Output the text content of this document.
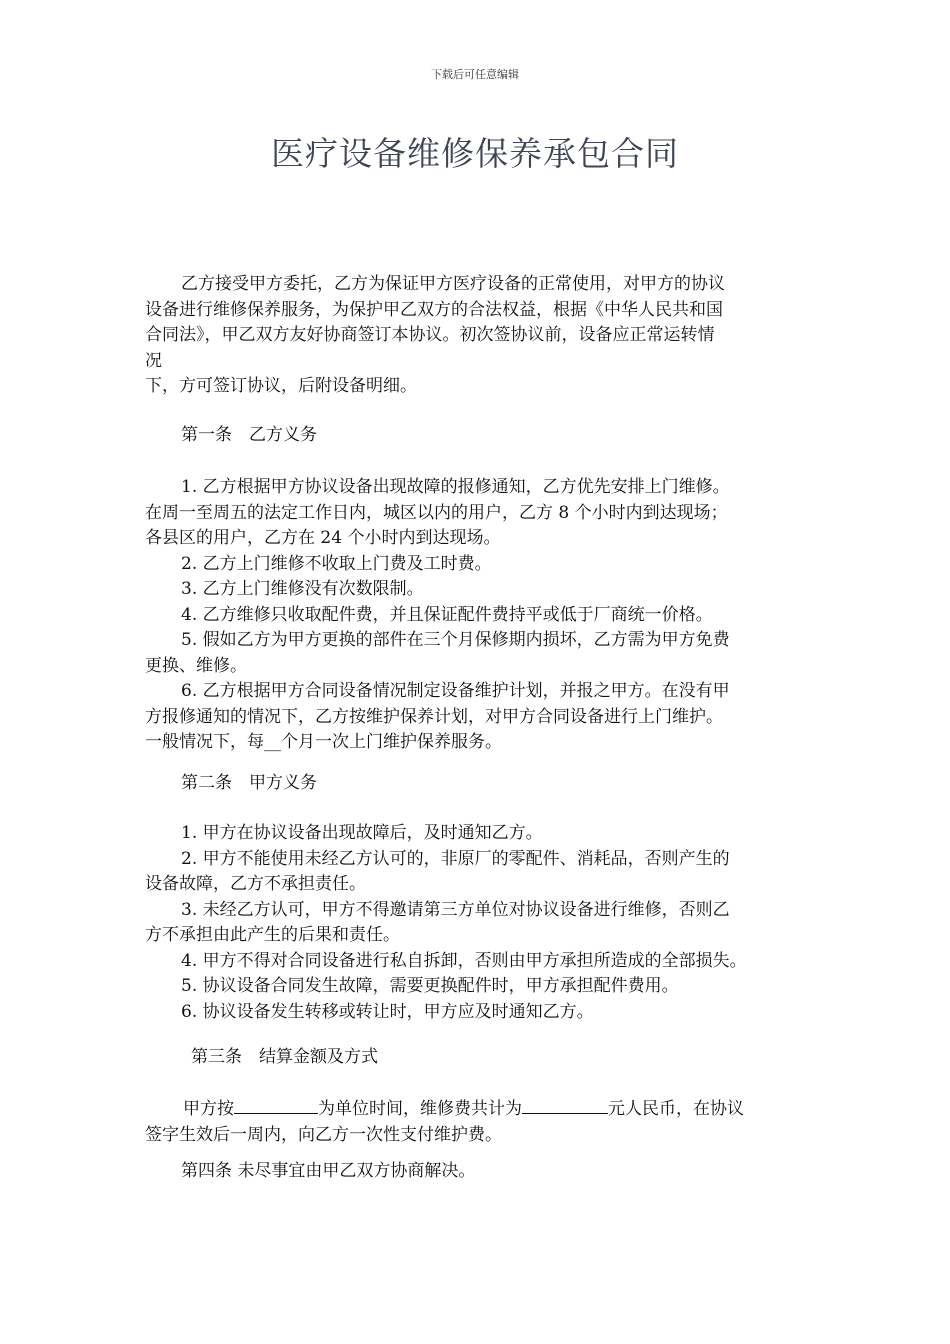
下载后可任意编辑
医疗设备维修保养承包合同

乙方接受甲方委托，乙方为保证甲方医疗设备的正常使用，对甲方的协议

设备进行维修保养服务，为保护甲乙双方的合法权益，根据《中华人民共和国

合同法》，甲乙双方友好协商签订本协议。初次签协议前，设备应正常运转情

况

下，方可签订协议，后附设备明细。

第一条　乙方义务

1. 乙方根据甲方协议设备出现故障的报修通知，乙方优先安排上门维修。

在周一至周五的法定工作日内，城区以内的用户，乙方 8 个小时内到达现场；

各县区的用户，乙方在 24 个小时内到达现场。

2. 乙方上门维修不收取上门费及工时费。

3. 乙方上门维修没有次数限制。

4. 乙方维修只收取配件费，并且保证配件费持平或低于厂商统一价格。

5. 假如乙方为甲方更换的部件在三个月保修期内损坏，乙方需为甲方免费

更换、维修。

6. 乙方根据甲方合同设备情况制定设备维护计划，并报之甲方。在没有甲

方报修通知的情况下，乙方按维护保养计划，对甲方合同设备进行上门维护。

一般情况下，每__个月一次上门维护保养服务。

第二条　甲方义务

1. 甲方在协议设备出现故障后，及时通知乙方。

2. 甲方不能使用未经乙方认可的，非原厂的零配件、消耗品，否则产生的

设备故障，乙方不承担责任。

3. 未经乙方认可，甲方不得邀请第三方单位对协议设备进行维修，否则乙

方不承担由此产生的后果和责任。

4. 甲方不得对合同设备进行私自拆卸，否则由甲方承担所造成的全部损失。

5. 协议设备合同发生故障，需要更换配件时，甲方承担配件费用。

6. 协议设备发生转移或转让时，甲方应及时通知乙方。

第三条　结算金额及方式

甲方按	为单位时间，维修费共计为	元人民币，在协议

签字生效后一周内，向乙方一次性支付维护费。

第四条 未尽事宜由甲乙双方协商解决。
